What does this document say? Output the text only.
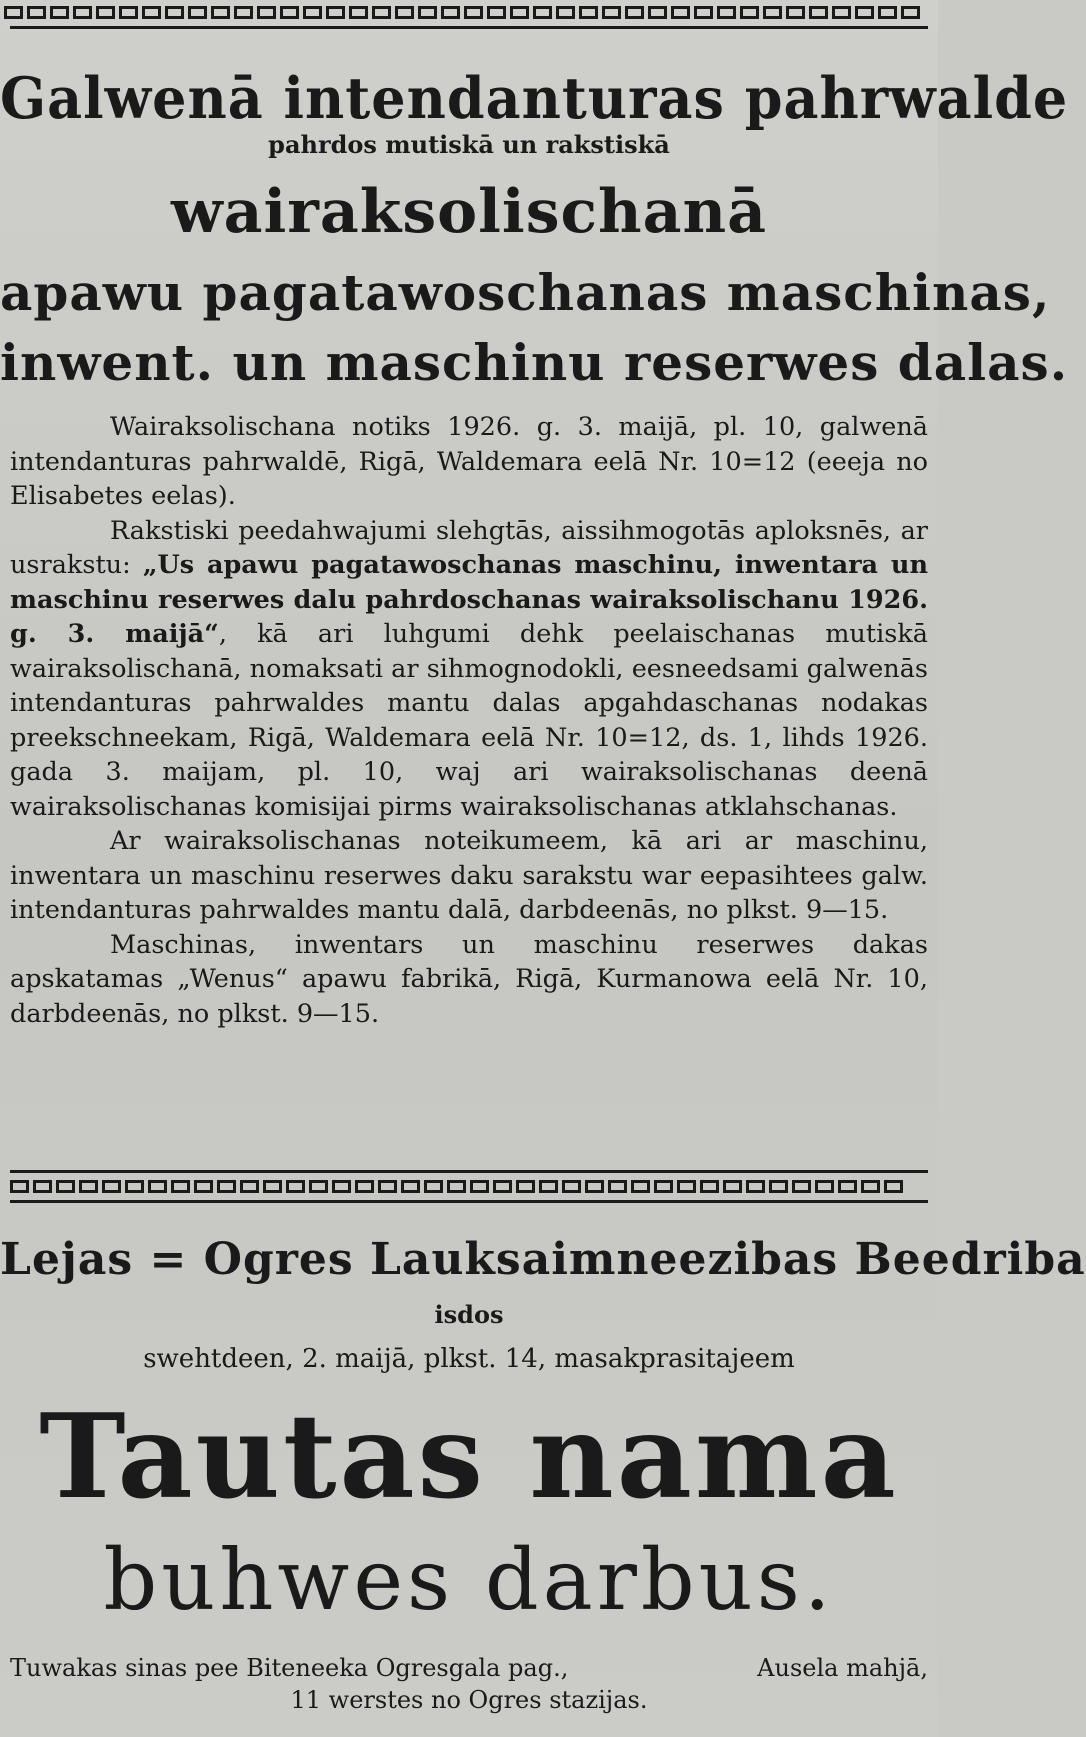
Galwenā intendanturas pahrwalde
pahrdos mutiskā un rakstiskā
wairaksolischanā
apawu pagatawoschanas maschinas,
inwent. un maschinu reserwes dalas.

Wairaksolischana notiks 1926. g. 3. maijā, pl. 10, galwenā intendanturas pahrwaldē, Rigā, Waldemara eelā Nr. 10=12 (eeeja no Elisabetes eelas).

Rakstiski peedahwajumi slehgtās, aissihmogotās aploksnēs, ar usrakstu: „Us apawu pagatawoschanas maschinu, inwentara un maschinu reserwes dalu pahrdoschanas wairaksolischanu 1926. g. 3. maijā“, kā ari luhgumi dehk peelaischanas mutiskā wairaksolischanā, nomaksati ar sihmognodokli, eesneedsami galwenās intendanturas pahrwaldes mantu dalas apgahdaschanas nodakas preekschneekam, Rigā, Waldemara eelā Nr. 10=12, ds. 1, lihds 1926. gada 3. maijam, pl. 10, waj ari wairaksolischanas deenā wairaksolischanas komisijai pirms wairaksolischanas atklahschanas.

Ar wairaksolischanas noteikumeem, kā ari ar maschinu, inwentara un maschinu reserwes daku sarakstu war eepasihtees galw. intendanturas pahrwaldes mantu dalā, darbdeenās, no plkst. 9—15.

Maschinas, inwentars un maschinu reserwes dakas apskatamas „Wenus“ apawu fabrikā, Rigā, Kurmanowa eelā Nr. 10, darbdeenās, no plkst. 9—15.

Lejas = Ogres Lauksaimneezibas Beedriba
isdos
swehtdeen, 2. maijā, plkst. 14, masakprasitajeem
Tautas nama
buhwes darbus.
Tuwakas sinas pee Biteneeka Ogresgala pag.,	Ausela mahjā,
11 werstes no Ogres stazijas.
